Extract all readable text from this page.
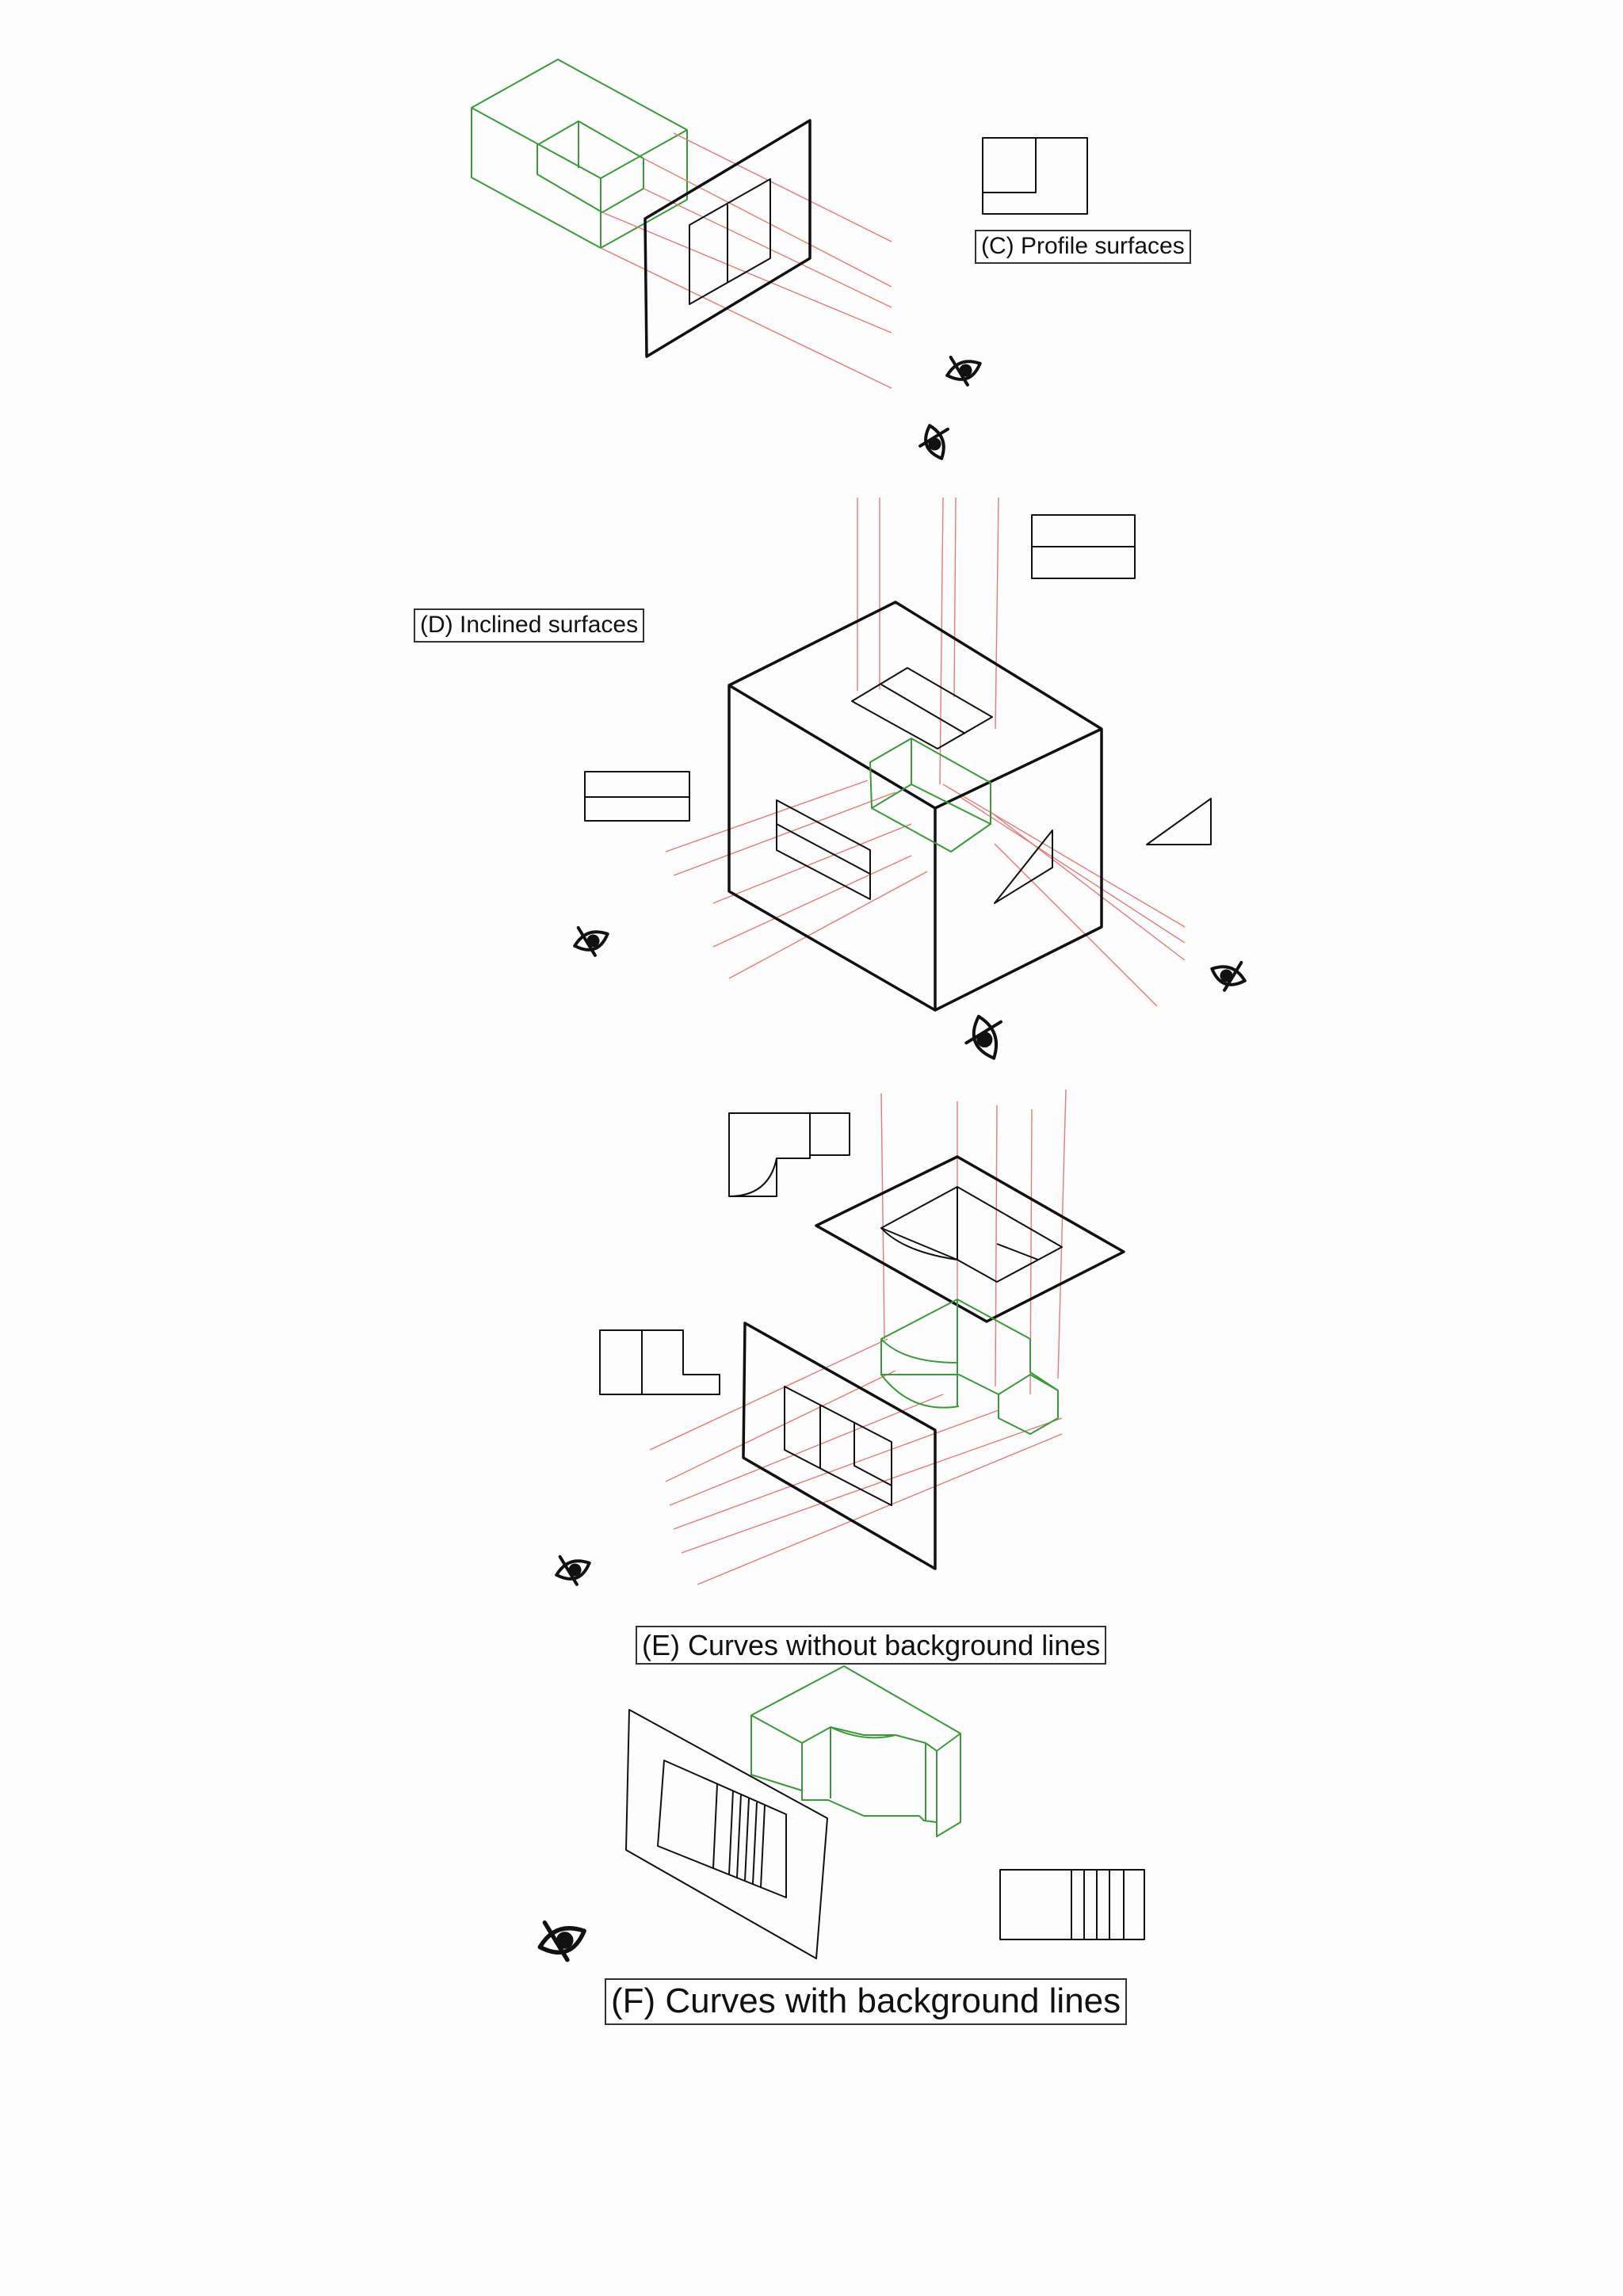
(C) Profile surfaces
(D) Inclined surfaces
(E) Curves without background lines
(F) Curves with background lines
